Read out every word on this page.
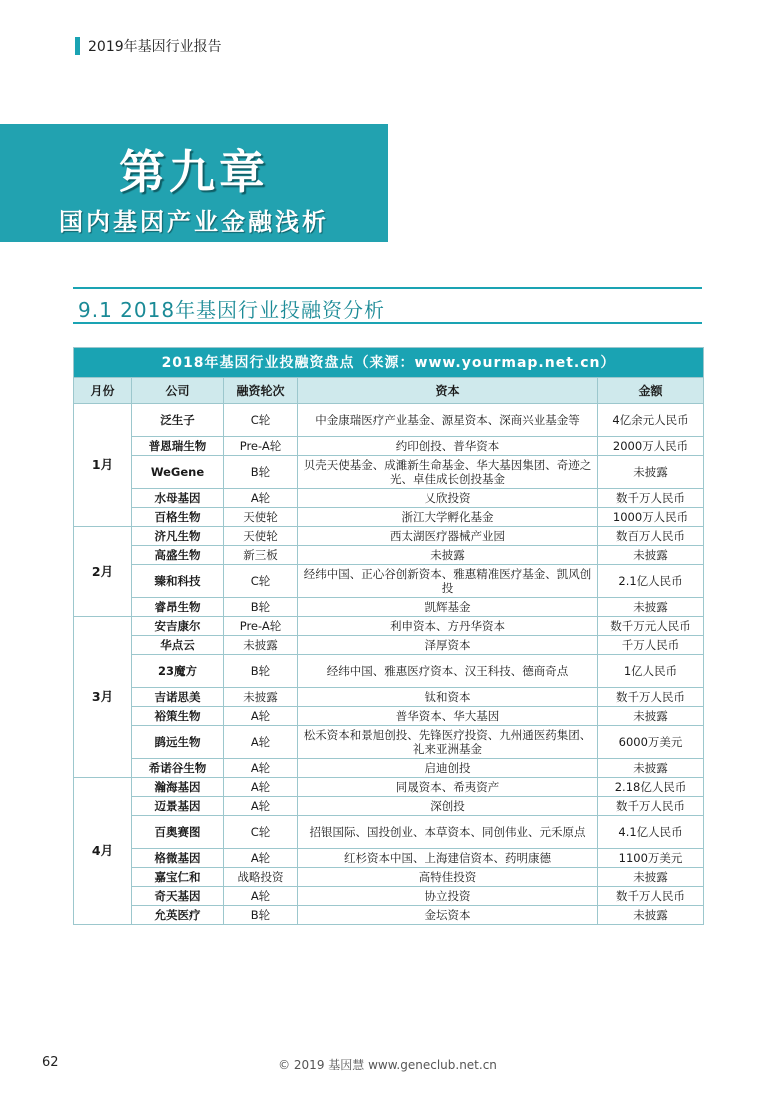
2019年基因行业报告
第九章
国内基因产业金融浅析
9.1 2018年基因行业投融资分析
2018年基因行业投融资盘点（来源：www.yourmap.net.cn）				
月份	公司	融资轮次	资本	金额
1月	泛生子	C轮	中金康瑞医疗产业基金、源星资本、深商兴业基金等	4亿余元人民币
	普恩瑞生物	Pre-A轮	约印创投、普华资本	2000万人民币
	WeGene	B轮	贝壳天使基金、成濉新生命基金、华大基因集团、奇迹之光、卓佳成长创投基金	未披露
	水母基因	A轮	乂欣投资	数千万人民币
	百格生物	天使轮	浙江大学孵化基金	1000万人民币
2月	济凡生物	天使轮	西太湖医疗器械产业园	数百万人民币
	高盛生物	新三板	未披露	未披露
	臻和科技	C轮	经纬中国、正心谷创新资本、雅惠精准医疗基金、凯风创投	2.1亿人民币
	睿昂生物	B轮	凯辉基金	未披露
3月	安吉康尔	Pre-A轮	利申资本、方丹华资本	数千万元人民币
	华点云	未披露	泽厚资本	千万人民币
	23魔方	B轮	经纬中国、雅惠医疗资本、汉王科技、德商奇点	1亿人民币
	吉诺思美	未披露	钛和资本	数千万人民币
	裕策生物	A轮	普华资本、华大基因	未披露
	鹍远生物	A轮	松禾资本和景旭创投、先锋医疗投资、九州通医药集团、礼来亚洲基金	6000万美元
	希诺谷生物	A轮	启迪创投	未披露
4月	瀚海基因	A轮	同晟资本、希夷资产	2.18亿人民币
	迈景基因	A轮	深创投	数千万人民币
	百奥赛图	C轮	招银国际、国投创业、本草资本、同创伟业、元禾原点	4.1亿人民币
	格微基因	A轮	红杉资本中国、上海建信资本、药明康德	1100万美元
	嘉宝仁和	战略投资	高特佳投资	未披露
	奇天基因	A轮	协立投资	数千万人民币
	允英医疗	B轮	金坛资本	未披露
62	© 2019 基因慧 www.geneclub.net.cn
